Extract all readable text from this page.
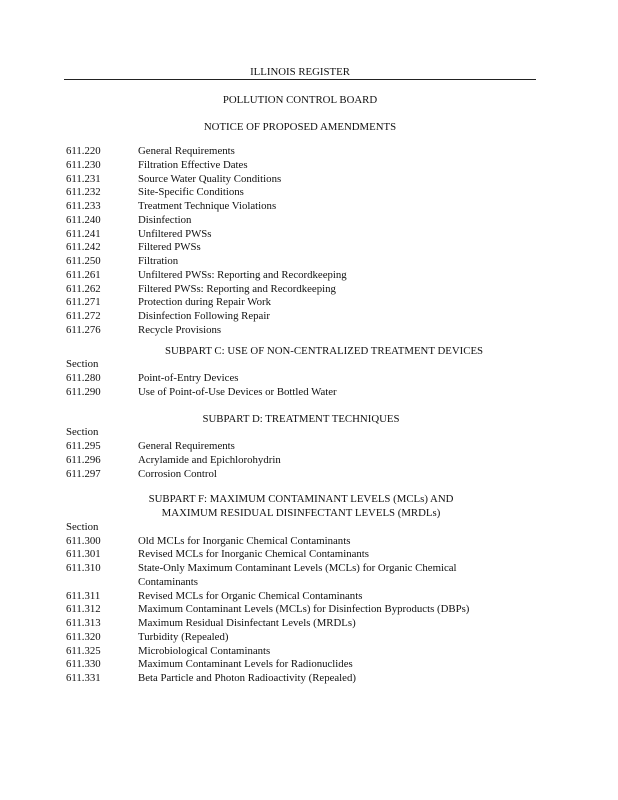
ILLINOIS REGISTER
POLLUTION CONTROL BOARD
NOTICE OF PROPOSED AMENDMENTS
611.220	General Requirements
611.230	Filtration Effective Dates
611.231	Source Water Quality Conditions
611.232	Site-Specific Conditions
611.233	Treatment Technique Violations
611.240	Disinfection
611.241	Unfiltered PWSs
611.242	Filtered PWSs
611.250	Filtration
611.261	Unfiltered PWSs: Reporting and Recordkeeping
611.262	Filtered PWSs: Reporting and Recordkeeping
611.271	Protection during Repair Work
611.272	Disinfection Following Repair
611.276	Recycle Provisions
SUBPART C: USE OF NON-CENTRALIZED TREATMENT DEVICES
Section
611.280	Point-of-Entry Devices
611.290	Use of Point-of-Use Devices or Bottled Water
SUBPART D: TREATMENT TECHNIQUES
Section
611.295	General Requirements
611.296	Acrylamide and Epichlorohydrin
611.297	Corrosion Control
SUBPART F: MAXIMUM CONTAMINANT LEVELS (MCLs) AND
MAXIMUM RESIDUAL DISINFECTANT LEVELS (MRDLs)
Section
611.300	Old MCLs for Inorganic Chemical Contaminants
611.301	Revised MCLs for Inorganic Chemical Contaminants
611.310	State-Only Maximum Contaminant Levels (MCLs) for Organic Chemical
Contaminants
611.311	Revised MCLs for Organic Chemical Contaminants
611.312	Maximum Contaminant Levels (MCLs) for Disinfection Byproducts (DBPs)
611.313	Maximum Residual Disinfectant Levels (MRDLs)
611.320	Turbidity (Repealed)
611.325	Microbiological Contaminants
611.330	Maximum Contaminant Levels for Radionuclides
611.331	Beta Particle and Photon Radioactivity (Repealed)
